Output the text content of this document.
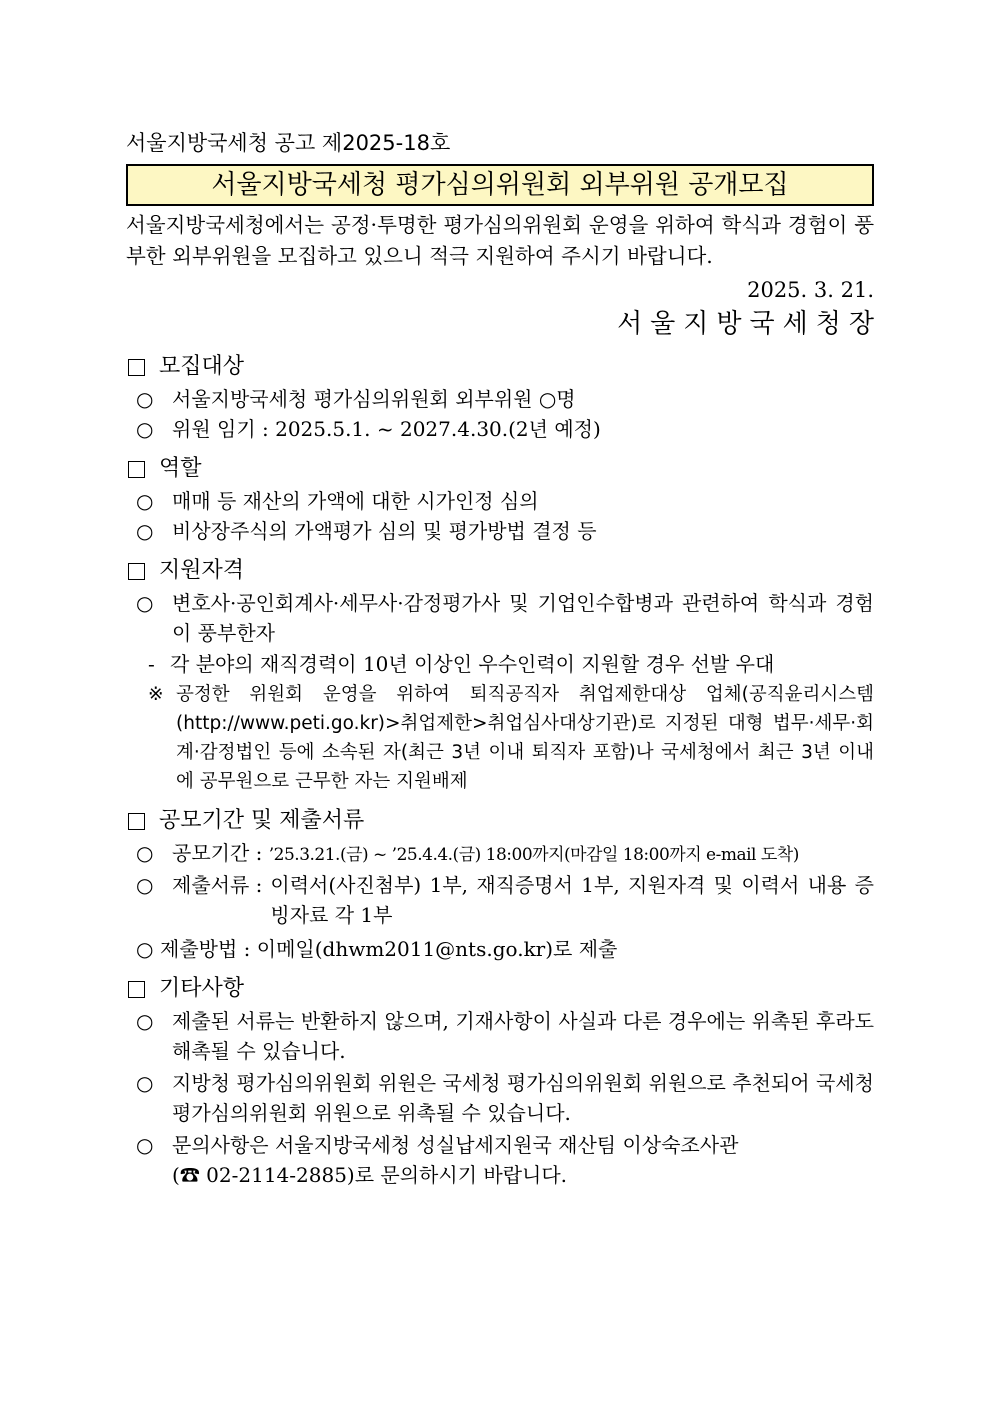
서울지방국세청 공고 제2025-18호
서울지방국세청 평가심의위원회 외부위원 공개모집
서울지방국세청에서는 공정·투명한 평가심의위원회 운영을 위하여 학식과 경험이 풍부한 외부위원을 모집하고 있으니 적극 지원하여 주시기 바랍니다.
2025. 3. 21.
서울지방국세청장
모집대상
○ 서울지방국세청 평가심의위원회 외부위원 ○명
○ 위원 임기 : 2025.5.1. ~ 2027.4.30.(2년 예정)
역할
○ 매매 등 재산의 가액에 대한 시가인정 심의
○ 비상장주식의 가액평가 심의 및 평가방법 결정 등
지원자격
○ 변호사·공인회계사·세무사·감정평가사 및 기업인수합병과 관련하여 학식과 경험이 풍부한자
- 각 분야의 재직경력이 10년 이상인 우수인력이 지원할 경우 선발 우대
※ 공정한 위원회 운영을 위하여 퇴직공직자 취업제한대상 업체(공직윤리시스템 (http://www.peti.go.kr)>취업제한>취업심사대상기관)로 지정된 대형 법무·세무·회계·감정법인 등에 소속된 자(최근 3년 이내 퇴직자 포함)나 국세청에서 최근 3년 이내에 공무원으로 근무한 자는 지원배제
공모기간 및 제출서류
○ 공모기간 : ’25.3.21.(금) ~ ’25.4.4.(금) 18:00까지(마감일 18:00까지 e-mail 도착)
○ 제출서류 : 이력서(사진첨부) 1부, 재직증명서 1부, 지원자격 및 이력서 내용 증빙자료 각 1부
○ 제출방법 : 이메일(dhwm2011@nts.go.kr)로 제출
기타사항
○ 제출된 서류는 반환하지 않으며, 기재사항이 사실과 다른 경우에는 위촉된 후라도 해촉될 수 있습니다.
○ 지방청 평가심의위원회 위원은 국세청 평가심의위원회 위원으로 추천되어 국세청 평가심의위원회 위원으로 위촉될 수 있습니다.
○ 문의사항은 서울지방국세청 성실납세지원국 재산팀 이상숙조사관
(☎ 02-2114-2885)로 문의하시기 바랍니다.
